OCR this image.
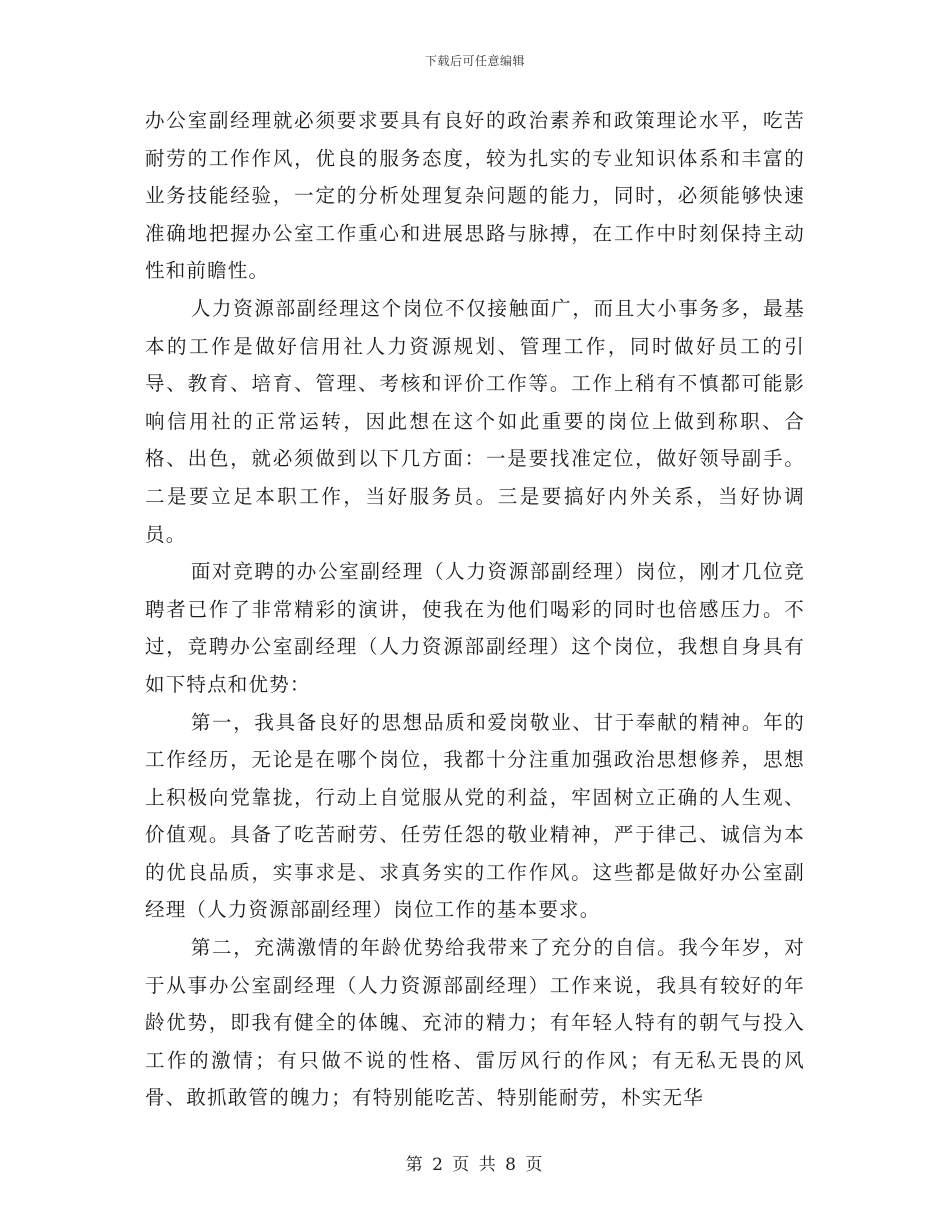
下载后可任意编辑

办公室副经理就必须要求要具有良好的政治素养和政策理论水平，吃苦耐劳的工作作风，优良的服务态度，较为扎实的专业知识体系和丰富的业务技能经验，一定的分析处理复杂问题的能力，同时，必须能够快速准确地把握办公室工作重心和进展思路与脉搏，在工作中时刻保持主动性和前瞻性。

人力资源部副经理这个岗位不仅接触面广，而且大小事务多，最基本的工作是做好信用社人力资源规划、管理工作，同时做好员工的引导、教育、培育、管理、考核和评价工作等。工作上稍有不慎都可能影响信用社的正常运转，因此想在这个如此重要的岗位上做到称职、合格、出色，就必须做到以下几方面：一是要找准定位，做好领导副手。二是要立足本职工作，当好服务员。三是要搞好内外关系，当好协调员。

面对竞聘的办公室副经理（人力资源部副经理）岗位，刚才几位竞聘者已作了非常精彩的演讲，使我在为他们喝彩的同时也倍感压力。不过，竞聘办公室副经理（人力资源部副经理）这个岗位，我想自身具有如下特点和优势：

第一，我具备良好的思想品质和爱岗敬业、甘于奉献的精神。年的工作经历，无论是在哪个岗位，我都十分注重加强政治思想修养，思想上积极向党靠拢，行动上自觉服从党的利益，牢固树立正确的人生观、价值观。具备了吃苦耐劳、任劳任怨的敬业精神，严于律己、诚信为本的优良品质，实事求是、求真务实的工作作风。这些都是做好办公室副经理（人力资源部副经理）岗位工作的基本要求。

第二，充满激情的年龄优势给我带来了充分的自信。我今年岁，对于从事办公室副经理（人力资源部副经理）工作来说，我具有较好的年龄优势，即我有健全的体魄、充沛的精力；有年轻人特有的朝气与投入工作的激情；有只做不说的性格、雷厉风行的作风；有无私无畏的风骨、敢抓敢管的魄力；有特别能吃苦、特别能耐劳，朴实无华

第 2 页 共 8 页
